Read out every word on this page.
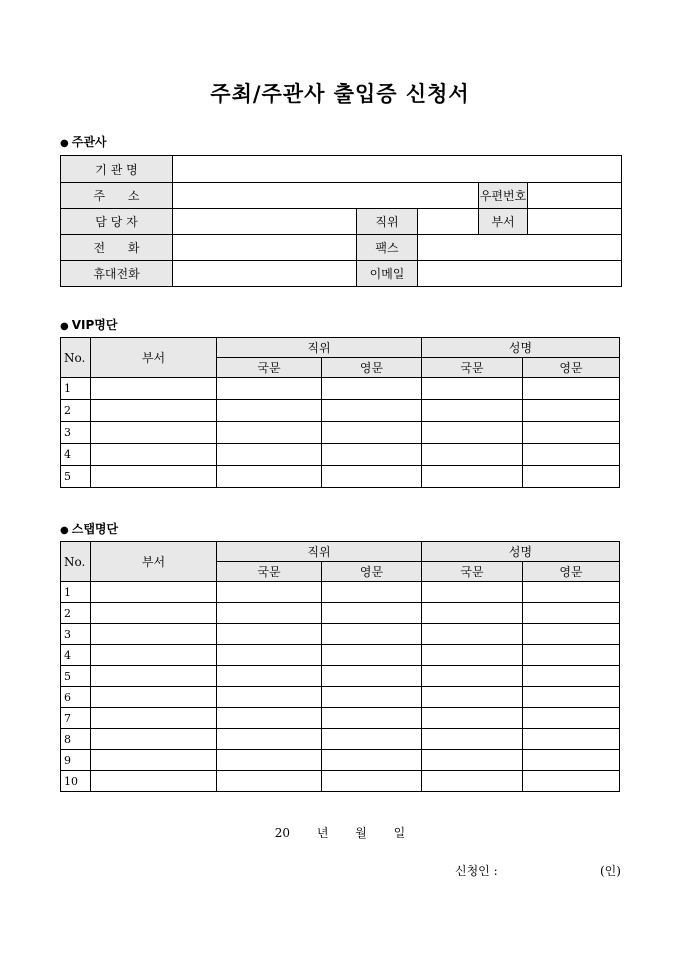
주최/주관사 출입증 신청서
● 주관사
기 관 명					
주      소				우편번호	
담 당 자		직위		부서	
전      화		팩스			
휴대전화		이메일			
● VIP명단
No.	부서	직위		성명	
		국문	영문	국문	영문
1					
2					
3					
4					
5					
● 스탭명단
No.	부서	직위		성명	
		국문	영문	국문	영문
1					
2					
3					
4					
5					
6					
7					
8					
9					
10					
20 년 월 일
신청인 :	(인)
